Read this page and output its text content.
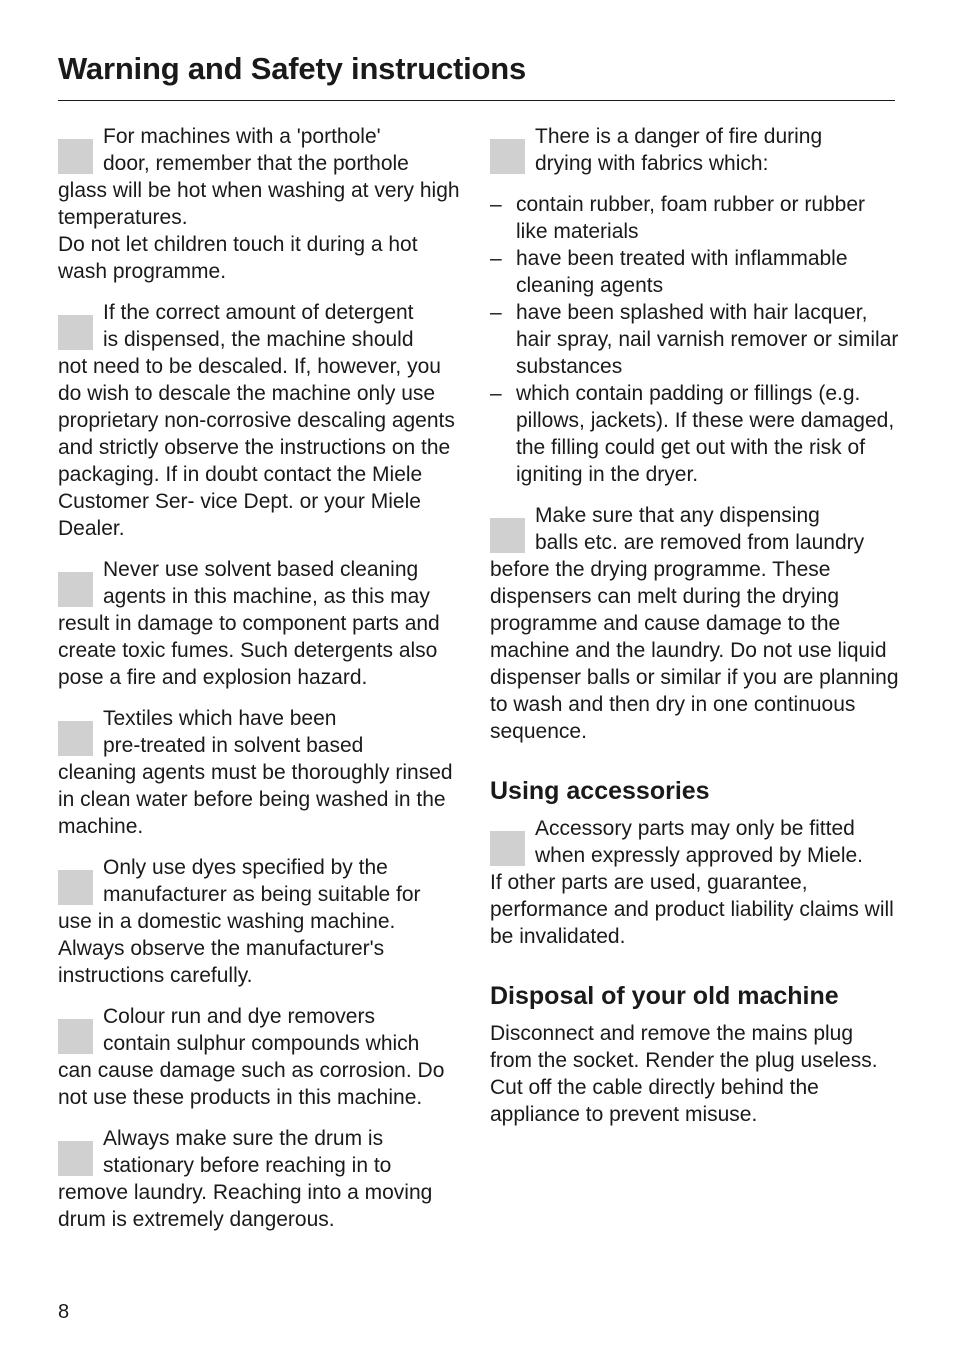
Warning and Safety instructions

For machines with a 'porthole'
door, remember that the porthole
glass will be hot when washing at very high temperatures.

Do not let children touch it during a hot wash programme.

If the correct amount of detergent
is dispensed, the machine should
not need to be descaled. If, however, you do wish to descale the machine only use proprietary non-corrosive descaling agents and strictly observe the instructions on the packaging. If in doubt contact the Miele Customer Ser- vice Dept. or your Miele Dealer.

Never use solvent based cleaning
agents in this machine, as this may
result in damage to component parts and create toxic fumes. Such detergents also pose a fire and explosion hazard.

Textiles which have been
pre-treated in solvent based
cleaning agents must be thoroughly rinsed in clean water before being washed in the machine.

Only use dyes specified by the
manufacturer as being suitable for
use in a domestic washing machine. Always observe the manufacturer's instructions carefully.

Colour run and dye removers
contain sulphur compounds which
can cause damage such as corrosion. Do not use these products in this machine.

Always make sure the drum is
stationary before reaching in to
remove laundry. Reaching into a moving drum is extremely dangerous.

There is a danger of fire during
drying with fabrics which:

– contain rubber, foam rubber or rubber like materials
– have been treated with inflammable cleaning agents
– have been splashed with hair lacquer, hair spray, nail varnish remover or similar substances
– which contain padding or fillings (e.g. pillows, jackets). If these were damaged, the filling could get out with the risk of igniting in the dryer.

Make sure that any dispensing
balls etc. are removed from laundry
before the drying programme. These dispensers can melt during the drying programme and cause damage to the machine and the laundry. Do not use liquid dispenser balls or similar if you are planning to wash and then dry in one continuous sequence.

Using accessories

Accessory parts may only be fitted
when expressly approved by Miele.
If other parts are used, guarantee, performance and product liability claims will be invalidated.

Disposal of your old machine

Disconnect and remove the mains plug from the socket. Render the plug useless. Cut off the cable directly behind the appliance to prevent misuse.

8
